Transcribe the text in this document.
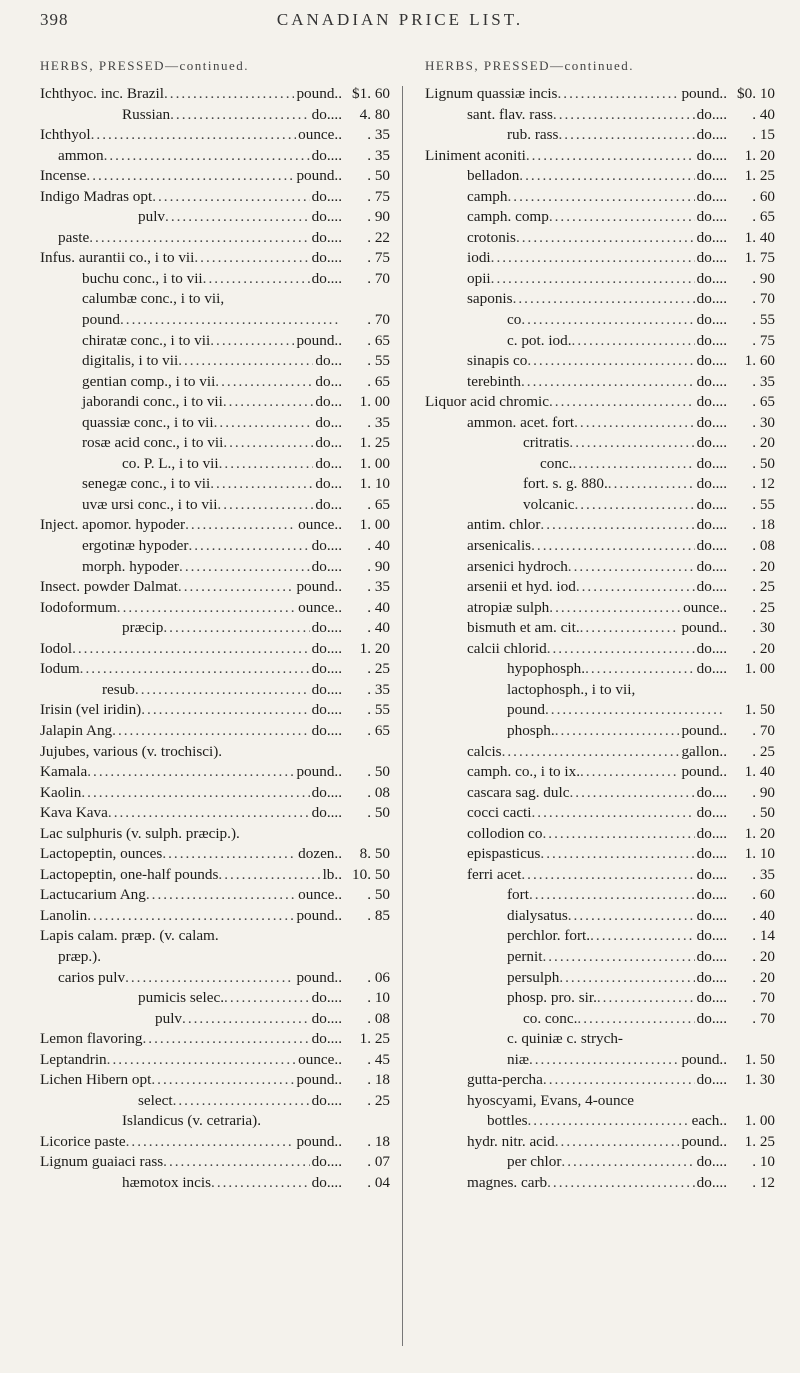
398	CANADIAN PRICE LIST.
HERBS, PRESSED—continued.
Ichthyoc. inc. Brazil .....	pound.. $1. 60
Russian .....	do....	4. 80
Ichthyol .....	ounce..	. 35
ammon .....	do....	. 35
Incense .....	pound..	. 50
Indigo Madras opt .....	do....	. 75
pulv .....	do....	. 90
paste .....	do....	. 22
Infus. aurantii co., i to vii .....	do....	. 75
buchu conc., i to vii .....	do....	. 70
calumbæ conc., i to vii,
pound .....	. 70
chiratæ conc., i to vii .....	pound..	. 65
digitalis, i to vii .....	do...	. 55
gentian comp., i to vii .....	do...	. 65
jaborandi conc., i to vii .....	do...	1. 00
quassiæ conc., i to vii .....	do...	. 35
rosæ acid conc., i to vii .....	do...	1. 25
co. P. L., i to vii .....	do...	1. 00
senegæ conc., i to vii .....	do...	1. 10
uvæ ursi conc., i to vii .....	do...	. 65
Inject. apomor. hypoder .....	ounce..	1. 00
ergotinæ hypoder .....	do....	. 40
morph. hypoder .....	do....	. 90
Insect. powder Dalmat .....	pound..	. 35
Iodoformum .....	ounce..	. 40
præcip .....	do....	. 40
Iodol .....	do....	1. 20
Iodum .....	do....	. 25
resub .....	do....	. 35
Irisin (vel iridin) .....	do....	. 55
Jalapin Ang .....	do....	. 65
Jujubes, various (v. trochisci).
Kamala .....	pound..	. 50
Kaolin .....	do....	. 08
Kava Kava .....	do....	. 50
Lac sulphuris (v. sulph. præcip.).
Lactopeptin, ounces .....	dozen..	8. 50
Lactopeptin, one-half pounds .....	lb.. 10. 50
Lactucarium Ang .....	ounce..	. 50
Lanolin .....	pound..	. 85
Lapis calam. præp. (v. calam.
præp.).
carios pulv .....	pound..	. 06
pumicis selec. .....	do....	. 10
pulv .....	do....	. 08
Lemon flavoring .....	do....	1. 25
Leptandrin .....	ounce..	. 45
Lichen Hibern opt .....	pound..	. 18
select .....	do....	. 25
Islandicus (v. cetraria).
Licorice paste .....	pound..	. 18
Lignum guaiaci rass .....	do....	. 07
hæmotox incis .....	do....	. 04
HERBS, PRESSED—continued.
Lignum quassiæ incis .....	pound.. $0. 10
sant. flav. rass .....	do....	. 40
rub. rass .....	do....	. 15
Liniment aconiti .....	do....	1. 20
belladon .....	do....	1. 25
camph .....	do....	. 60
camph. comp .....	do....	. 65
crotonis .....	do....	1. 40
iodi .....	do....	1. 75
opii .....	do....	. 90
saponis .....	do....	. 70
co .....	do....	. 55
c. pot. iod. .....	do....	. 75
sinapis co .....	do....	1. 60
terebinth .....	do....	. 35
Liquor acid chromic .....	do....	. 65
ammon. acet. fort .....	do....	. 30
critratis .....	do....	. 20
conc. .....	do....	. 50
fort. s. g. 880. .....	do....	. 12
volcanic .....	do....	. 55
antim. chlor .....	do....	. 18
arsenicalis .....	do....	. 08
arsenici hydroch .....	do....	. 20
arsenii et hyd. iod .....	do....	. 25
atropiæ sulph .....	ounce..	. 25
bismuth et am. cit. .....	pound..	. 30
calcii chlorid .....	do....	. 20
hypophosph. .....	do....	1. 00
lactophosph., i to vii,
pound .....	1. 50
phosph. .....	pound..	. 70
calcis .....	gallon..	. 25
camph. co., i to ix. .....	pound..	1. 40
cascara sag. dulc .....	do....	. 90
cocci cacti .....	do....	. 50
collodion co .....	do....	1. 20
epispasticus .....	do....	1. 10
ferri acet .....	do....	. 35
fort .....	do....	. 60
dialysatus .....	do....	. 40
perchlor. fort. .....	do....	. 14
pernit .....	do....	. 20
persulph .....	do....	. 20
phosp. pro. sir. .....	do....	. 70
co. conc. .....	do....	. 70
c. quiniæ c. strych-
niæ .....	pound..	1. 50
gutta-percha .....	do....	1. 30
hyoscyami, Evans, 4-ounce
bottles .....	each..	1. 00
hydr. nitr. acid .....	pound..	1. 25
per chlor .....	do....	. 10
magnes. carb .....	do....	. 12
